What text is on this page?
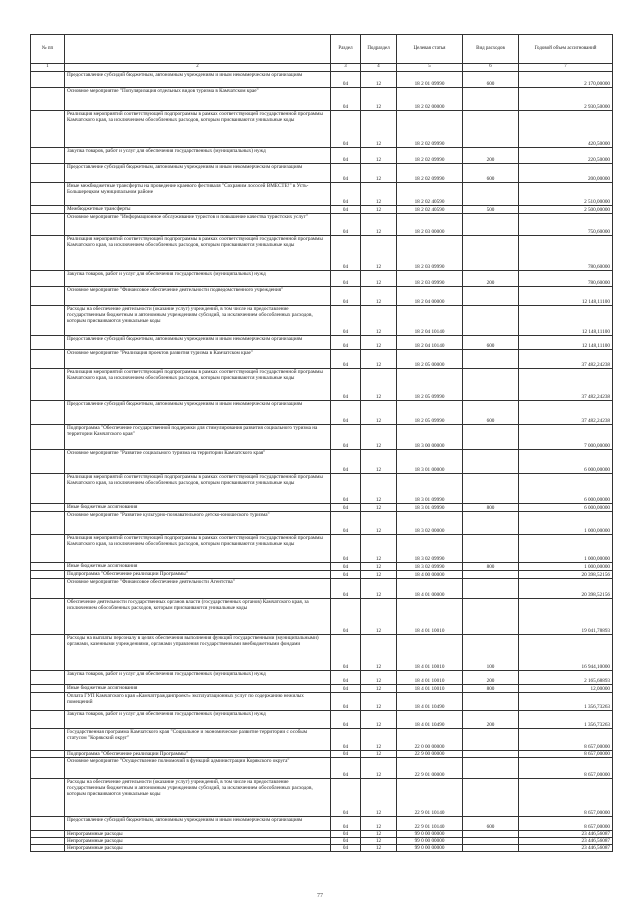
№ пп		Раздел	Подраздел	Целевая статья	Вид расходов	Годовой объем ассигнований
1	2	3	4	5	6	7
	Предоставление субсидий бюджетным, автономным учреждениям и иным некоммерческим организациям	04	12	18 2 01 09990	600	2 170,00000
	Основное мероприятие "Популяризация отдельных видов туризма в Камчатском крае"	04	12	18 2 02 00000		2 930,50000
	Реализация мероприятий соответствующей подпрограммы в рамках соответствующей государственной программы Камчатского края, за исключением обособленных расходов, которым присваиваются уникальные коды	04	12	18 2 02 09990		420,50000
	Закупка товаров, работ и услуг для обеспечения государственных (муниципальных) нужд	04	12	18 2 02 09990	200	220,50000
	Предоставление субсидий бюджетным, автономным учреждениям и иным некоммерческим организациям	04	12	18 2 02 09990	600	200,00000
	Иные межбюджетные трансферты на проведение краевого фестиваля "Сохраним лососей ВМЕСТЕ!" в Усть-Большерецком муниципальном районе	04	12	18 2 02 40590		2 510,00000
	Межбюджетные трансферты	04	12	18 2 02 40590	500	2 500,00000
	Основное мероприятие "Информационное обслуживание туристов и повышение качества туристских услуг"	04	12	18 2 03 00000		750,60000
	Реализация мероприятий соответствующей подпрограммы в рамках соответствующей государственной программы Камчатского края, за исключением обособленных расходов, которым присваиваются уникальные коды	04	12	18 2 03 09990		780,60000
	Закупка товаров, работ и услуг для обеспечения государственных (муниципальных) нужд	04	12	18 2 03 09990	200	780,60000
	Основное мероприятие "Финансовое обеспечение деятельности подведомственного учреждения"	04	12	18 2 04 00000		12 148,11100
	Расходы на обеспечение деятельности (оказание услуг) учреждений, в том числе на предоставление государственным бюджетным и автономным учреждениям субсидий, за исключением обособленных расходов, которым присваиваются уникальные коды	04	12	18 2 04 10140		12 148,11100
	Предоставление субсидий бюджетным, автономным учреждениям и иным некоммерческим организациям	04	12	18 2 04 10140	600	12 148,11100
	Основное мероприятие "Реализация проектов развития туризма в Камчатском крае"	04	12	18 2 05 00000		37 482,24238
	Реализация мероприятий соответствующей подпрограммы в рамках соответствующей государственной программы Камчатского края, за исключением обособленных расходов, которым присваиваются уникальные коды	04	12	18 2 05 09990		37 482,24238
	Предоставление субсидий бюджетным, автономным учреждениям и иным некоммерческим организациям	04	12	18 2 05 09990	600	37 482,24238
	Подпрограмма "Обеспечение государственной поддержки для стимулирования развития социального туризма на территории Камчатского края"	04	12	18 3 00 00000		7 000,00000
	Основное мероприятие "Развитие социального туризма на территории Камчатского края"	04	12	18 3 01 00000		6 000,00000
	Реализация мероприятий соответствующей подпрограммы в рамках соответствующей государственной программы Камчатского края, за исключением обособленных расходов, которым присваиваются уникальные коды	04	12	18 3 01 09990		6 000,00000
	Иные бюджетные ассигнования	04	12	18 3 01 09990	800	6 000,00000
	Основное мероприятие "Развитие культурно-познавательного детско-юношеского туризма"	04	12	18 3 02 00000		1 000,00000
	Реализация мероприятий соответствующей подпрограммы в рамках соответствующей государственной программы Камчатского края, за исключением обособленных расходов, которым присваиваются уникальные коды	04	12	18 3 02 09990		1 000,00000
	Иные бюджетные ассигнования	04	12	18 3 02 09990	800	1 000,00000
	Подпрограмма "Обеспечение реализации Программы"	04	12	18 4 00 00000		20 398,52156
	Основное мероприятие "Финансовое обеспечение деятельности Агентства"	04	12	18 4 01 00000		20 398,52156
	Обеспечение деятельности государственных органов власти (государственных органов) Камчатского края, за исключением обособленных расходов, которым присваиваются уникальные коды	04	12	18 4 01 10010		19 041,78893
	Расходы на выплаты персоналу в целях обеспечения выполнения функций государственными (муниципальными) органами, казенными учреждениями, органами управления государственными внебюджетными фондами	04	12	18 4 01 10010	100	16 944,10000
	Закупка товаров, работ и услуг для обеспечения государственных (муниципальных) нужд	04	12	18 4 01 10010	200	2 165,68893
	Иные бюджетные ассигнования	04	12	18 4 01 10010	800	12,00000
	Оплата ГУП Камчатского края «Камчатгражданпроект» эксплуатационных услуг по содержанию нежилых помещений	04	12	18 4 01 10490		1 356,73263
	Закупка товаров, работ и услуг для обеспечения государственных (муниципальных) нужд	04	12	18 4 01 10490	200	1 356,73263
	Государственная программа Камчатского края "Социальное и экономическое развитие территории с особым статусом "Корякский округ"	04	12	22 0 00 00000		8 657,00000
	Подпрограмма "Обеспечение реализации Программы"	04	12	22 9 00 00000		8 657,00000
	Основное мероприятие "Осуществление полномочий в функций администрации Корякского округа"	04	12	22 9 01 00000		8 657,00000
	Расходы на обеспечение деятельности (оказание услуг) учреждений, в том числе на предоставление государственным бюджетным и автономным учреждениям субсидий, за исключением обособленных расходов, которым присваиваются уникальные коды	04	12	22 9 01 10140		8 657,00000
	Предоставление субсидий бюджетным, автономным учреждениям и иным некоммерческим организациям	04	12	22 9 01 10140	600	8 657,00000
	Непрограммные расходы	04	12	99 0 00 00000		23 446,56087
	Непрограммные расходы	04	12	99 0 00 00000		23 446,56087
	Непрограммные расходы	04	12	99 0 00 00000		23 446,56087
77
